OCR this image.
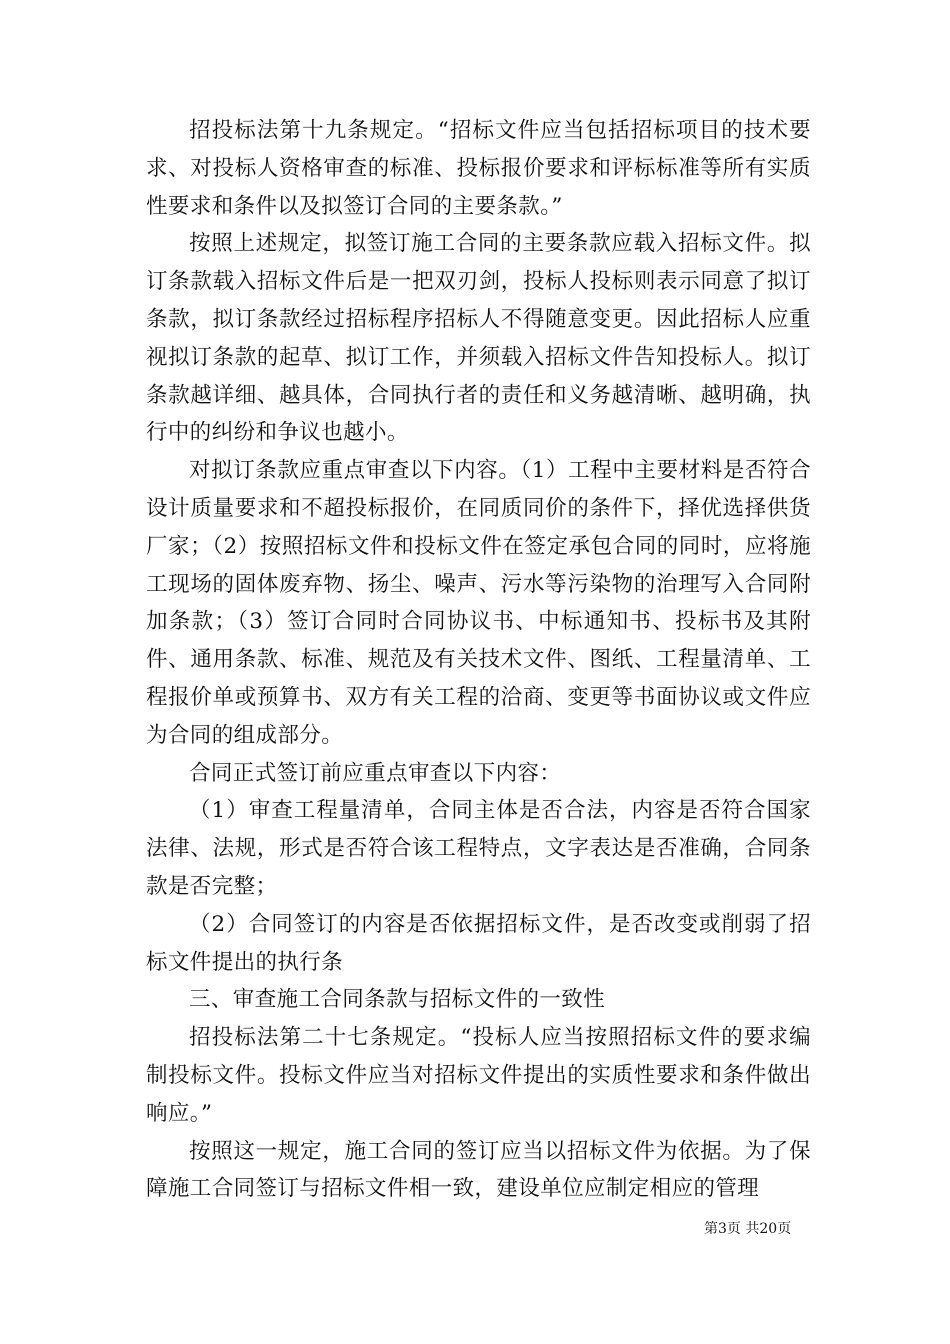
招投标法第十九条规定。“招标文件应当包括招标项目的技术要求、对投标人资格审查的标准、投标报价要求和评标标准等所有实质性要求和条件以及拟签订合同的主要条款。”

按照上述规定，拟签订施工合同的主要条款应载入招标文件。拟订条款载入招标文件后是一把双刃剑，投标人投标则表示同意了拟订条款，拟订条款经过招标程序招标人不得随意变更。因此招标人应重视拟订条款的起草、拟订工作，并须载入招标文件告知投标人。拟订条款越详细、越具体，合同执行者的责任和义务越清晰、越明确，执行中的纠纷和争议也越小。

对拟订条款应重点审查以下内容。（1）工程中主要材料是否符合设计质量要求和不超投标报价，在同质同价的条件下，择优选择供货厂家；（2）按照招标文件和投标文件在签定承包合同的同时，应将施工现场的固体废弃物、扬尘、噪声、污水等污染物的治理写入合同附加条款；（3）签订合同时合同协议书、中标通知书、投标书及其附件、通用条款、标准、规范及有关技术文件、图纸、工程量清单、工程报价单或预算书、双方有关工程的洽商、变更等书面协议或文件应为合同的组成部分。

合同正式签订前应重点审查以下内容：

（1）审查工程量清单，合同主体是否合法，内容是否符合国家法律、法规，形式是否符合该工程特点，文字表达是否准确，合同条款是否完整；

（2）合同签订的内容是否依据招标文件，是否改变或削弱了招标文件提出的执行条

三、审查施工合同条款与招标文件的一致性

招投标法第二十七条规定。“投标人应当按照招标文件的要求编制投标文件。投标文件应当对招标文件提出的实质性要求和条件做出响应。”

按照这一规定，施工合同的签订应当以招标文件为依据。为了保障施工合同签订与招标文件相一致，建设单位应制定相应的管理

第3页 共20页
